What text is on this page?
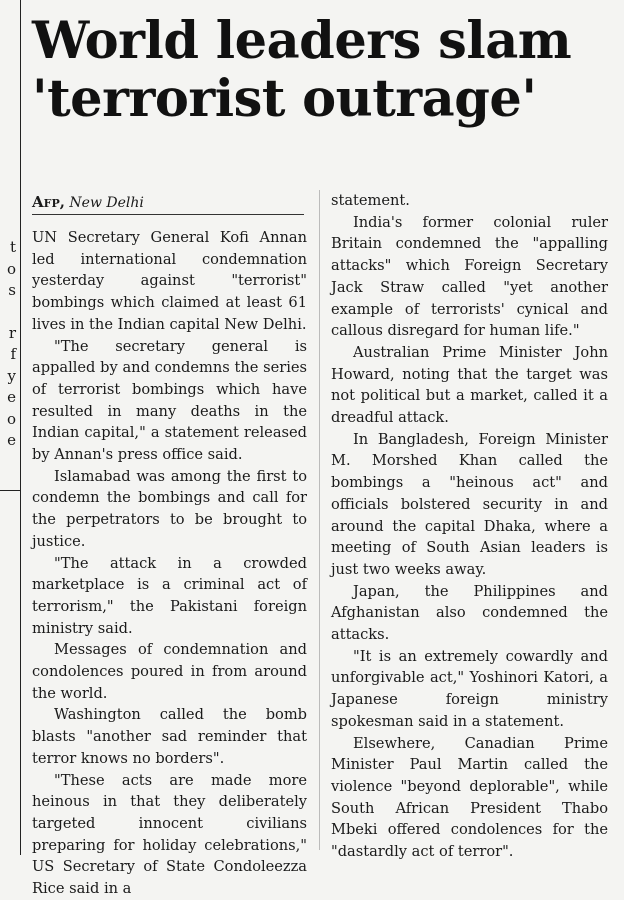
t
o
s
r
f
y
e
o
e
World leaders slam
'terrorist outrage'
Afp, New Delhi

UN Secretary General Kofi Annan led international condemnation yesterday against "terrorist" bombings which claimed at least 61 lives in the Indian capital New Delhi.

"The secretary general is appalled by and condemns the series of terrorist bombings which have resulted in many deaths in the Indian capital," a statement released by Annan's press office said.

Islamabad was among the first to condemn the bombings and call for the perpetrators to be brought to justice.

"The attack in a crowded marketplace is a criminal act of terrorism," the Pakistani foreign ministry said.

Messages of condemnation and condolences poured in from around the world.

Washington called the bomb blasts "another sad reminder that terror knows no borders".

"These acts are made more heinous in that they deliberately targeted innocent civilians preparing for holiday celebrations," US Secretary of State Condoleezza Rice said in a

statement.

India's former colonial ruler Britain condemned the "appalling attacks" which Foreign Secretary Jack Straw called "yet another example of terrorists' cynical and callous disregard for human life."

Australian Prime Minister John Howard, noting that the target was not political but a market, called it a dreadful attack.

In Bangladesh, Foreign Minister M. Morshed Khan called the bombings a "heinous act" and officials bolstered security in and around the capital Dhaka, where a meeting of South Asian leaders is just two weeks away.

Japan, the Philippines and Afghanistan also condemned the attacks.

"It is an extremely cowardly and unforgivable act," Yoshinori Katori, a Japanese foreign ministry spokesman said in a statement.

Elsewhere, Canadian Prime Minister Paul Martin called the violence "beyond deplorable", while South African President Thabo Mbeki offered condolences for the "dastardly act of terror".
